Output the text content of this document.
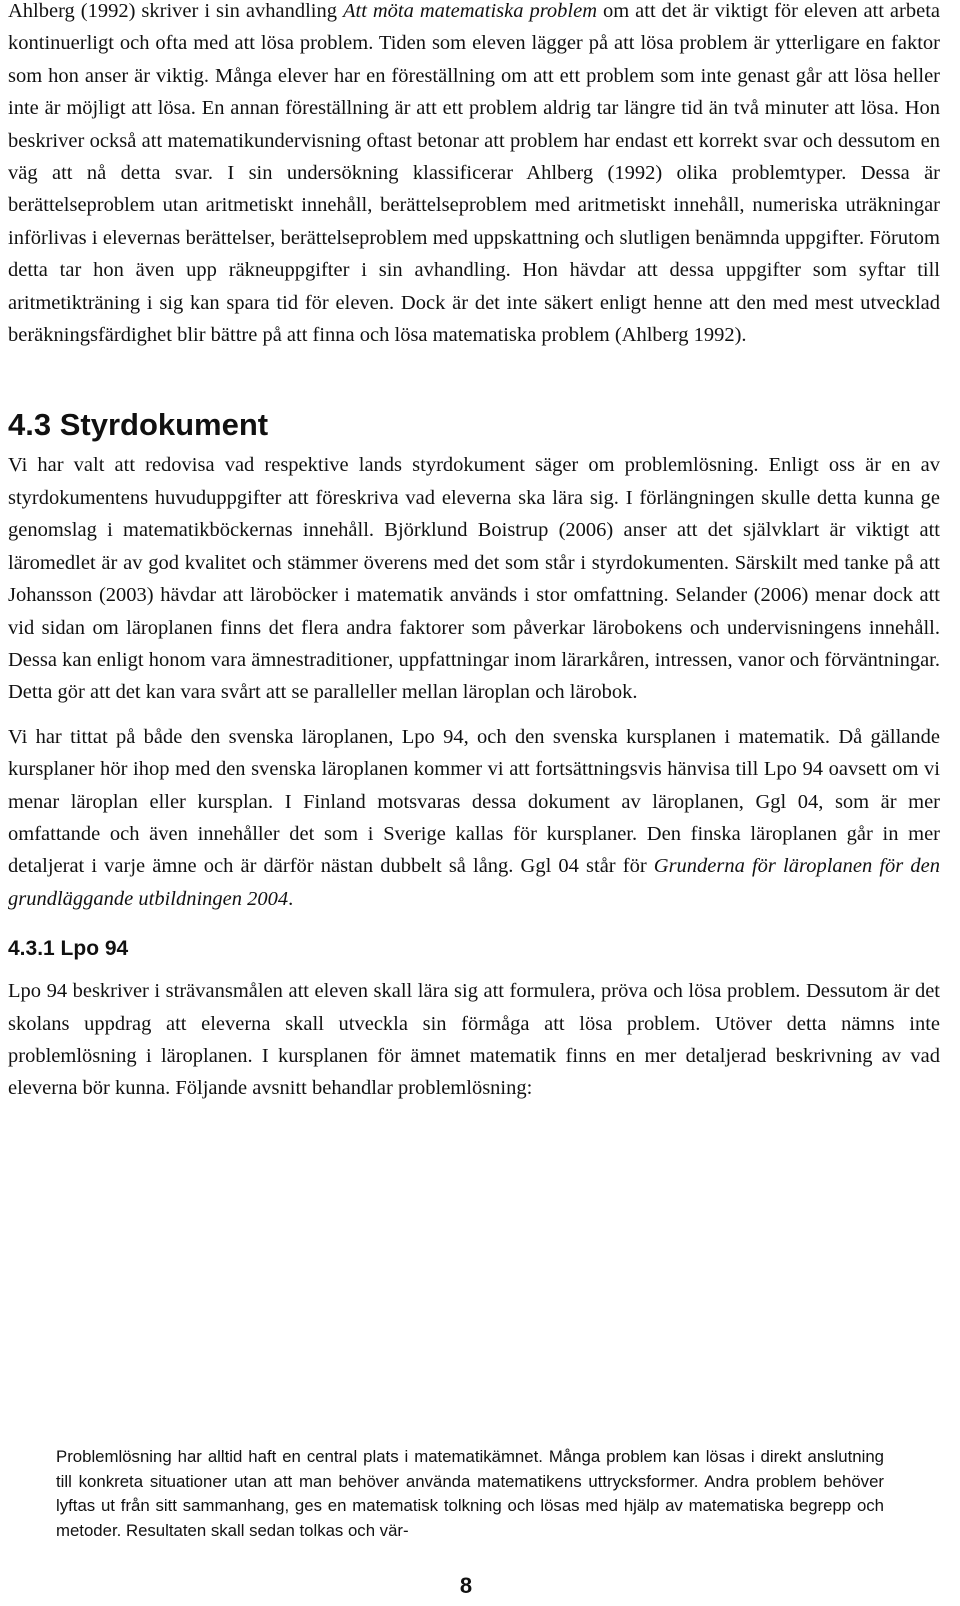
Ahlberg (1992) skriver i sin avhandling Att möta matematiska problem om att det är viktigt för eleven att arbeta kontinuerligt och ofta med att lösa problem. Tiden som eleven lägger på att lösa problem är ytterligare en faktor som hon anser är viktig. Många elever har en föreställning om att ett problem som inte genast går att lösa heller inte är möjligt att lösa. En annan föreställning är att ett problem aldrig tar längre tid än två minuter att lösa. Hon beskriver också att matematikundervisning oftast betonar att problem har endast ett korrekt svar och dessutom en väg att nå detta svar. I sin undersökning klassificerar Ahlberg (1992) olika problemtyper. Dessa är berättelseproblem utan aritmetiskt innehåll, berättelseproblem med aritmetiskt innehåll, numeriska uträkningar införlivas i elevernas berättelser, berättelseproblem med uppskattning och slutligen benämnda uppgifter. Förutom detta tar hon även upp räkneuppgifter i sin avhandling. Hon hävdar att dessa uppgifter som syftar till aritmetikträning i sig kan spara tid för eleven. Dock är det inte säkert enligt henne att den med mest utvecklad beräkningsfärdighet blir bättre på att finna och lösa matematiska problem (Ahlberg 1992).

4.3 Styrdokument

Vi har valt att redovisa vad respektive lands styrdokument säger om problemlösning. Enligt oss är en av styrdokumentens huvuduppgifter att föreskriva vad eleverna ska lära sig. I förlängningen skulle detta kunna ge genomslag i matematikböckernas innehåll. Björklund Boistrup (2006) anser att det självklart är viktigt att läromedlet är av god kvalitet och stämmer överens med det som står i styrdokumenten. Särskilt med tanke på att Johansson (2003) hävdar att läroböcker i matematik används i stor omfattning. Selander (2006) menar dock att vid sidan om läroplanen finns det flera andra faktorer som påverkar lärobokens och undervisningens innehåll. Dessa kan enligt honom vara ämnestraditioner, uppfattningar inom lärarkåren, intressen, vanor och förväntningar. Detta gör att det kan vara svårt att se paralleller mellan läroplan och lärobok.

Vi har tittat på både den svenska läroplanen, Lpo 94, och den svenska kursplanen i matematik. Då gällande kursplaner hör ihop med den svenska läroplanen kommer vi att fortsättningsvis hänvisa till Lpo 94 oavsett om vi menar läroplan eller kursplan. I Finland motsvaras dessa dokument av läroplanen, Ggl 04, som är mer omfattande och även innehåller det som i Sverige kallas för kursplaner. Den finska läroplanen går in mer detaljerat i varje ämne och är därför nästan dubbelt så lång. Ggl 04 står för Grunderna för läroplanen för den grundläggande utbildningen 2004.

4.3.1 Lpo 94

Lpo 94 beskriver i strävansmålen att eleven skall lära sig att formulera, pröva och lösa problem. Dessutom är det skolans uppdrag att eleverna skall utveckla sin förmåga att lösa problem. Utöver detta nämns inte problemlösning i läroplanen. I kursplanen för ämnet matematik finns en mer detaljerad beskrivning av vad eleverna bör kunna. Följande avsnitt behandlar problemlösning:

Problemlösning har alltid haft en central plats i matematikämnet. Många problem kan lösas i direkt anslutning till konkreta situationer utan att man behöver använda matematikens uttrycksformer. Andra problem behöver lyftas ut från sitt sammanhang, ges en matematisk tolkning och lösas med hjälp av matematiska begrepp och metoder. Resultaten skall sedan tolkas och vär-

8
